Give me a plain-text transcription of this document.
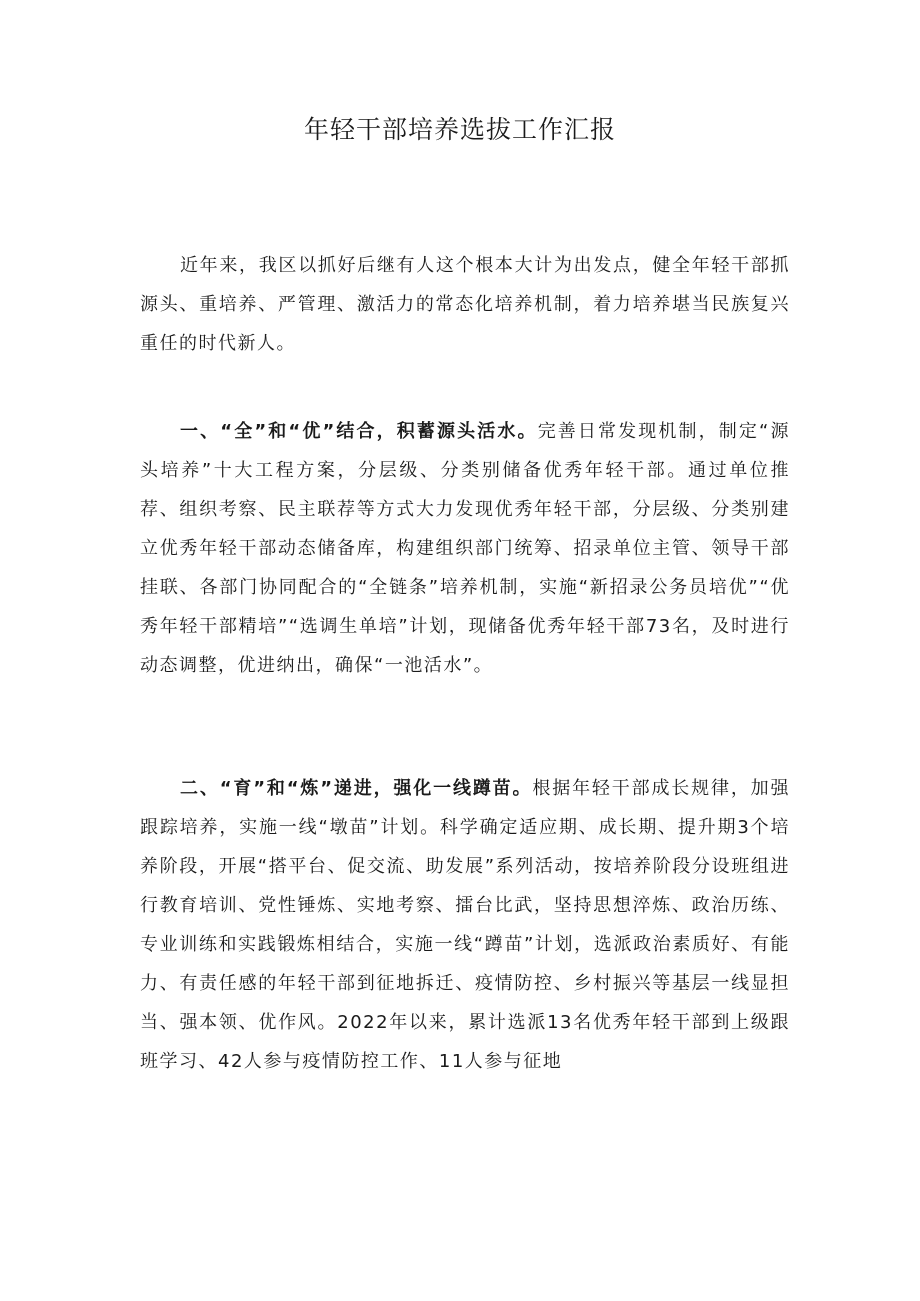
年轻干部培养选拔工作汇报

近年来，我区以抓好后继有人这个根本大计为出发点，健全年轻干部抓源头、重培养、严管理、激活力的常态化培养机制，着力培养堪当民族复兴重任的时代新人。

一、“全”和“优”结合，积蓄源头活水。完善日常发现机制，制定“源头培养”十大工程方案，分层级、分类别储备优秀年轻干部。通过单位推荐、组织考察、民主联荐等方式大力发现优秀年轻干部，分层级、分类别建立优秀年轻干部动态储备库，构建组织部门统筹、招录单位主管、领导干部挂联、各部门协同配合的“全链条”培养机制，实施“新招录公务员培优”“优秀年轻干部精培”“选调生单培”计划，现储备优秀年轻干部73名，及时进行动态调整，优进纳出，确保“一池活水”。

二、“育”和“炼”递进，强化一线蹲苗。根据年轻干部成长规律，加强跟踪培养，实施一线“墩苗”计划。科学确定适应期、成长期、提升期3个培养阶段，开展“搭平台、促交流、助发展”系列活动，按培养阶段分设班组进行教育培训、党性锤炼、实地考察、擂台比武，坚持思想淬炼、政治历练、专业训练和实践锻炼相结合，实施一线“蹲苗”计划，选派政治素质好、有能力、有责任感的年轻干部到征地拆迁、疫情防控、乡村振兴等基层一线显担当、强本领、优作风。2022年以来，累计选派13名优秀年轻干部到上级跟班学习、42人参与疫情防控工作、11人参与征地
